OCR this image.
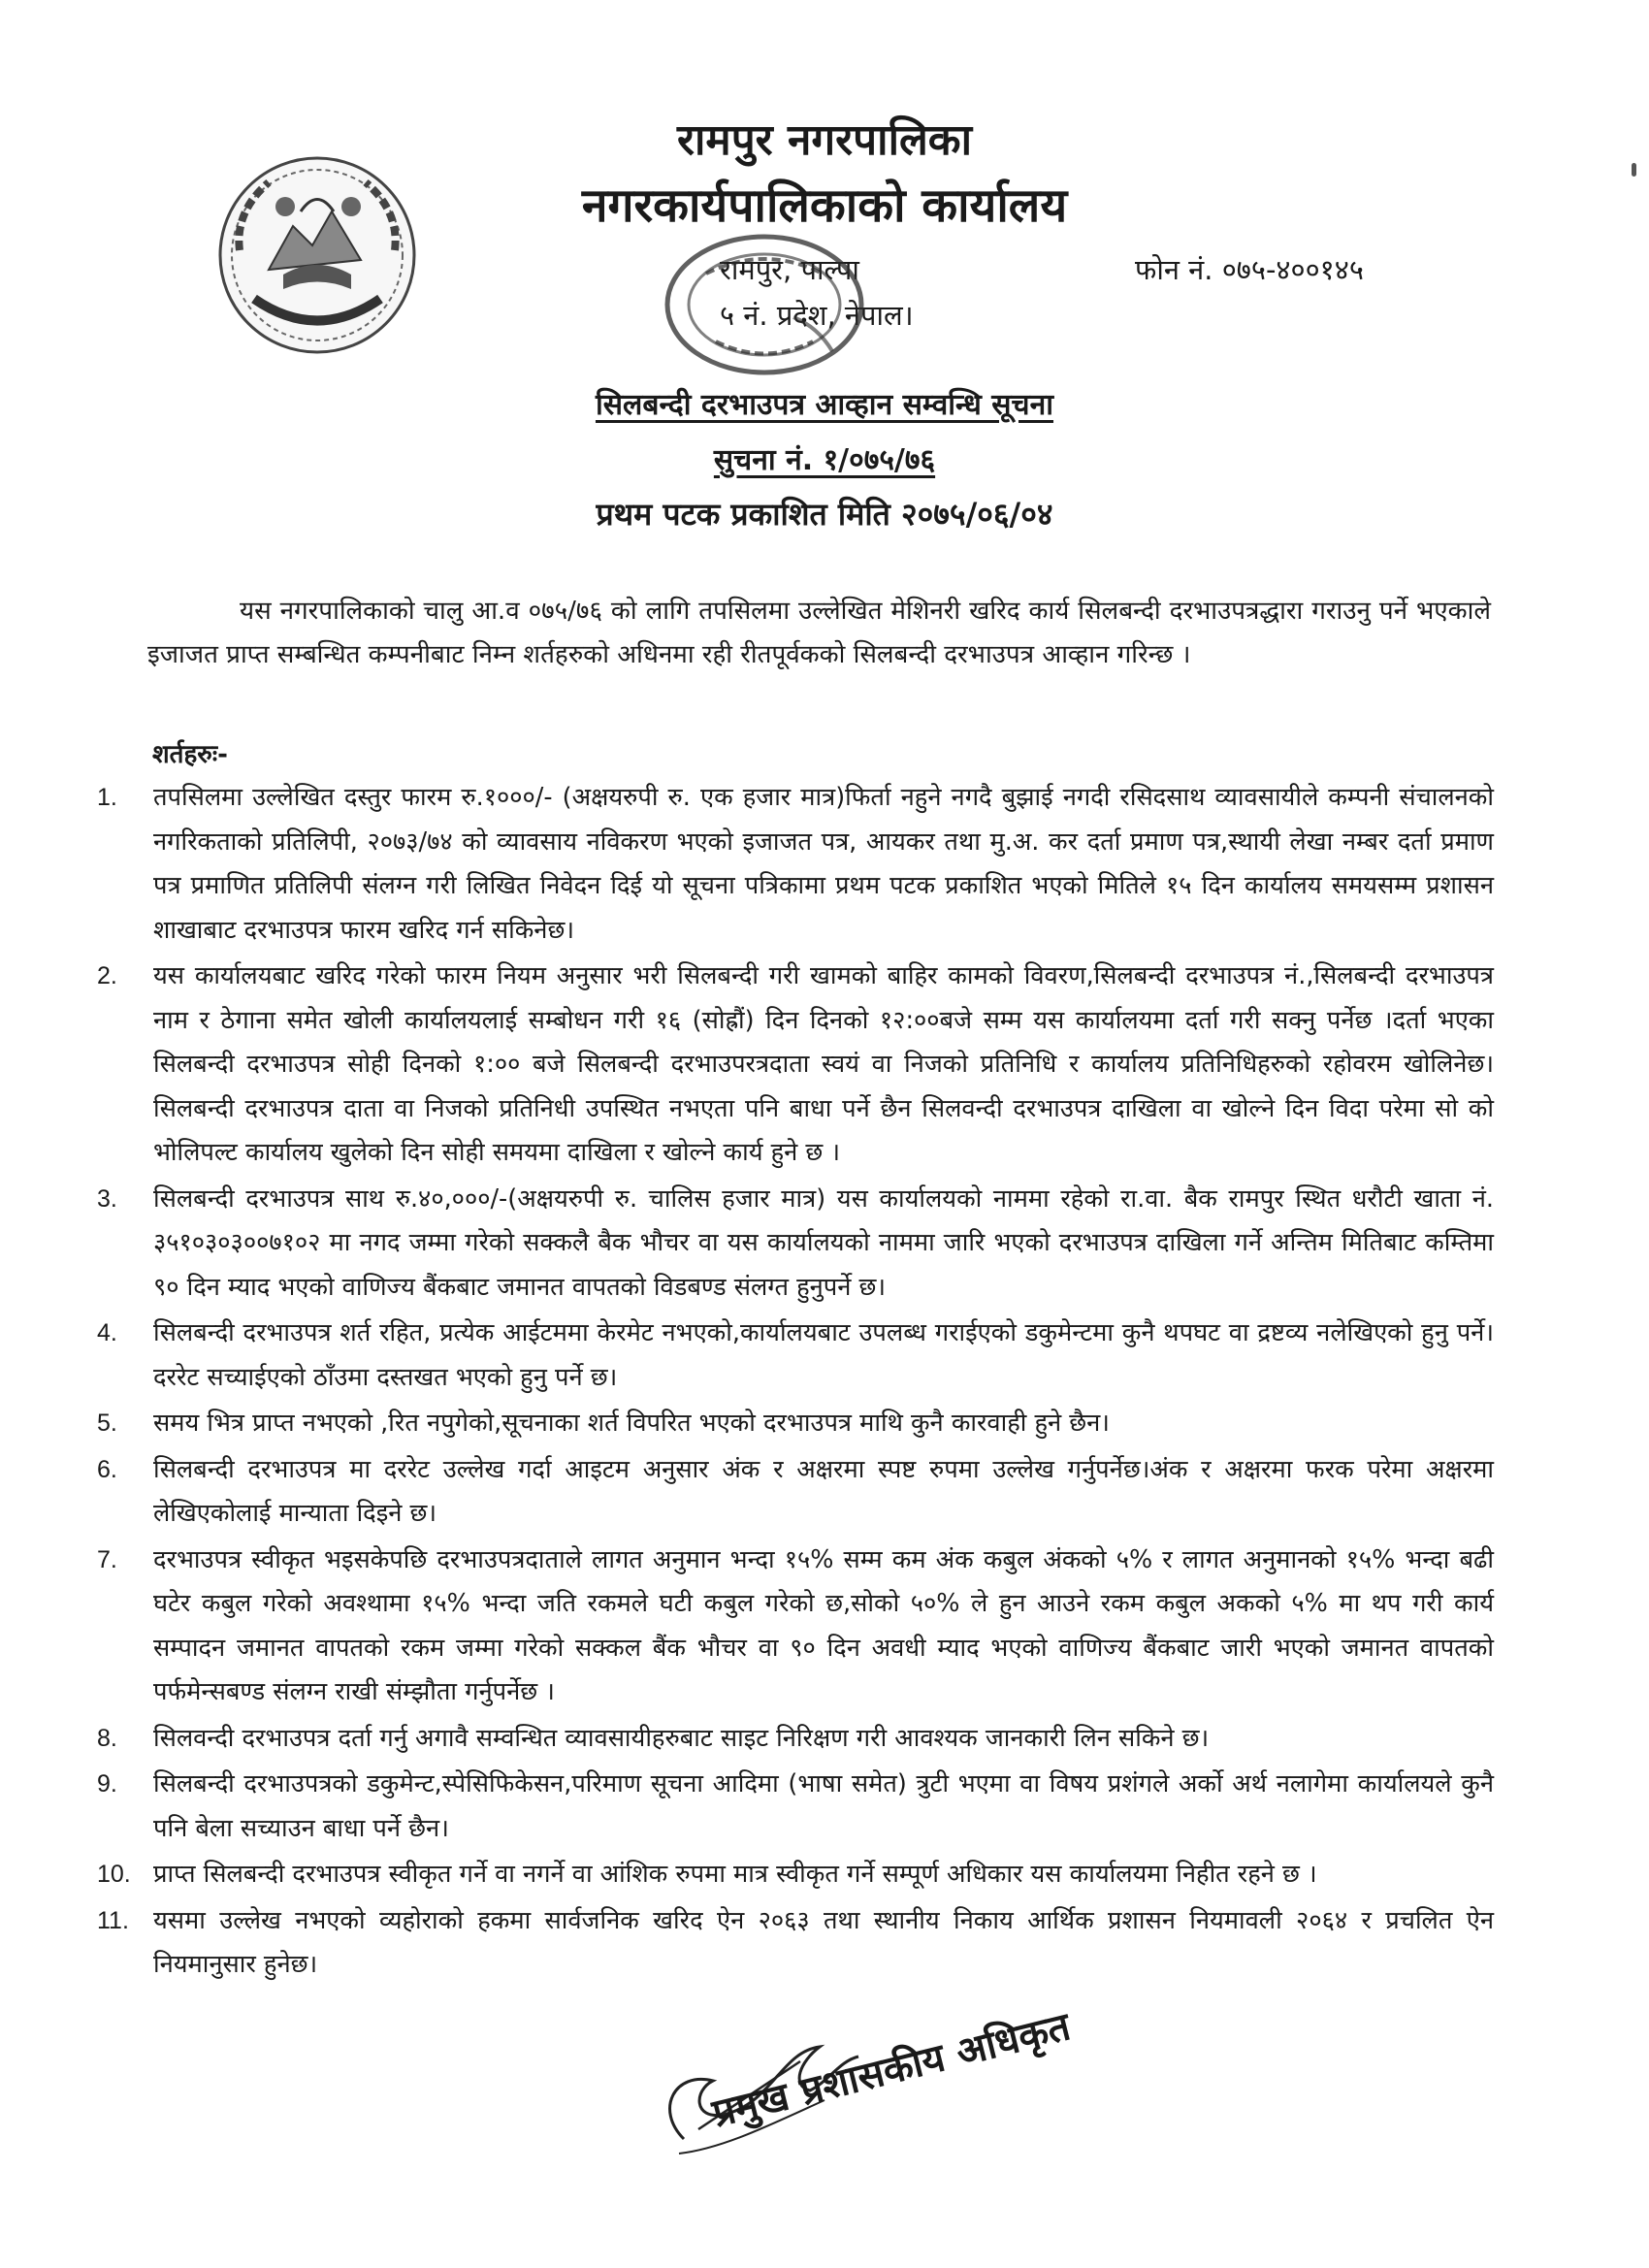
रामपुर नगरपालिका
नगरकार्यपालिकाको कार्यालय
रामपुर, पाल्पा
५ नं. प्रदेश, नेपाल।
फोन नं. ०७५-४००१४५
सिलबन्दी दरभाउपत्र आव्हान सम्वन्धि सूचना
सुचना नं. १/०७५/७६
प्रथम पटक प्रकाशित मिति २०७५/०६/०४
यस नगरपालिकाको चालु आ.व ०७५/७६ को लागि तपसिलमा उल्लेखित मेशिनरी खरिद कार्य सिलबन्दी दरभाउपत्रद्धारा गराउनु पर्ने भएकाले इजाजत प्राप्त सम्बन्धित कम्पनीबाट निम्न शर्तहरुको अधिनमा रही रीतपूर्वकको सिलबन्दी दरभाउपत्र आव्हान गरिन्छ ।
शर्तहरुः-
1. तपसिलमा उल्लेखित दस्तुर फारम रु.१०००/- (अक्षयरुपी रु. एक हजार मात्र)फिर्ता नहुने नगदै बुझाई नगदी रसिदसाथ व्यावसायीले कम्पनी संचालनको नगरिकताको प्रतिलिपी, २०७३/७४ को व्यावसाय नविकरण भएको इजाजत पत्र, आयकर तथा मु.अ. कर दर्ता प्रमाण पत्र,स्थायी लेखा नम्बर दर्ता प्रमाण पत्र प्रमाणित प्रतिलिपी संलग्न गरी लिखित निवेदन दिई यो सूचना पत्रिकामा प्रथम पटक प्रकाशित भएको मितिले १५ दिन कार्यालय समयसम्म प्रशासन शाखाबाट दरभाउपत्र फारम खरिद गर्न सकिनेछ।
2. यस कार्यालयबाट खरिद गरेको फारम नियम अनुसार भरी सिलबन्दी गरी खामको बाहिर कामको विवरण,सिलबन्दी दरभाउपत्र नं.,सिलबन्दी दरभाउपत्र नाम र ठेगाना समेत खोली कार्यालयलाई सम्बोधन गरी १६ (सोह्रौं) दिन दिनको १२:००बजे सम्म यस कार्यालयमा दर्ता गरी सक्नु पर्नेछ ।दर्ता भएका सिलबन्दी दरभाउपत्र सोही दिनको १:०० बजे सिलबन्दी दरभाउपरत्रदाता स्वयं वा निजको प्रतिनिधि र कार्यालय प्रतिनिधिहरुको रहोवरम खोलिनेछ।सिलबन्दी दरभाउपत्र दाता वा निजको प्रतिनिधी उपस्थित नभएता पनि बाधा पर्ने छैन सिलवन्दी दरभाउपत्र दाखिला वा खोल्ने दिन विदा परेमा सो को भोलिपल्ट कार्यालय खुलेको दिन सोही समयमा दाखिला र खोल्ने कार्य हुने छ ।
3. सिलबन्दी दरभाउपत्र साथ रु.४०,०००/-(अक्षयरुपी रु. चालिस हजार मात्र) यस कार्यालयको नाममा रहेको रा.वा. बैक रामपुर स्थित धरौटी खाता नं. ३५१०३०३००७१०२ मा नगद जम्मा गरेको सक्कलै बैक भौचर वा यस कार्यालयको नाममा जारि भएको दरभाउपत्र दाखिला गर्ने अन्तिम मितिबाट कम्तिमा ९० दिन म्याद भएको वाणिज्य बैंकबाट जमानत वापतको विडबण्ड संलग्त हुनुपर्ने छ।
4. सिलबन्दी दरभाउपत्र शर्त रहित, प्रत्येक आईटममा केरमेट नभएको,कार्यालयबाट उपलब्ध गराईएको डकुमेन्टमा कुनै थपघट वा द्रष्टव्य नलेखिएको हुनु पर्ने। दररेट सच्याईएको ठाँउमा दस्तखत भएको हुनु पर्ने छ।
5. समय भित्र प्राप्त नभएको ,रित नपुगेको,सूचनाका शर्त विपरित भएको दरभाउपत्र माथि कुनै कारवाही हुने छैन।
6. सिलबन्दी दरभाउपत्र मा दररेट उल्लेख गर्दा आइटम अनुसार अंक र अक्षरमा स्पष्ट रुपमा उल्लेख गर्नुपर्नेछ।अंक र अक्षरमा फरक परेमा अक्षरमा लेखिएकोलाई मान्याता दिइने छ।
7. दरभाउपत्र स्वीकृत भइसकेपछि दरभाउपत्रदाताले लागत अनुमान भन्दा १५% सम्म कम अंक कबुल अंकको ५% र लागत अनुमानको १५% भन्दा बढी घटेर कबुल गरेको अवश्थामा १५% भन्दा जति रकमले घटी कबुल गरेको छ,सोको ५०% ले हुन आउने रकम कबुल अकको ५% मा थप गरी कार्य सम्पादन जमानत वापतको रकम जम्मा गरेको सक्कल बैंक भौचर वा ९० दिन अवधी म्याद भएको वाणिज्य बैंकबाट जारी भएको जमानत वापतको पर्फमेन्सबण्ड संलग्न राखी संम्झौता गर्नुपर्नेछ ।
8. सिलवन्दी दरभाउपत्र दर्ता गर्नु अगावै सम्वन्धित व्यावसायीहरुबाट साइट निरिक्षण गरी आवश्यक जानकारी लिन सकिने छ।
9. सिलबन्दी दरभाउपत्रको डकुमेन्ट,स्पेसिफिकेसन,परिमाण सूचना आदिमा (भाषा समेत) त्रुटी भएमा वा विषय प्रशंगले अर्को अर्थ नलागेमा कार्यालयले कुनै पनि बेला सच्याउन बाधा पर्ने छैन।
10. प्राप्त सिलबन्दी दरभाउपत्र स्वीकृत गर्ने वा नगर्ने वा आंशिक रुपमा मात्र स्वीकृत गर्ने सम्पूर्ण अधिकार यस कार्यालयमा निहीत रहने छ ।
11. यसमा उल्लेख नभएको व्यहोराको हकमा सार्वजनिक खरिद ऐन २०६३ तथा स्थानीय निकाय आर्थिक प्रशासन नियमावली २०६४ र प्रचलित ऐन नियमानुसार हुनेछ।
प्रमुख प्रशासकीय अधिकृत
